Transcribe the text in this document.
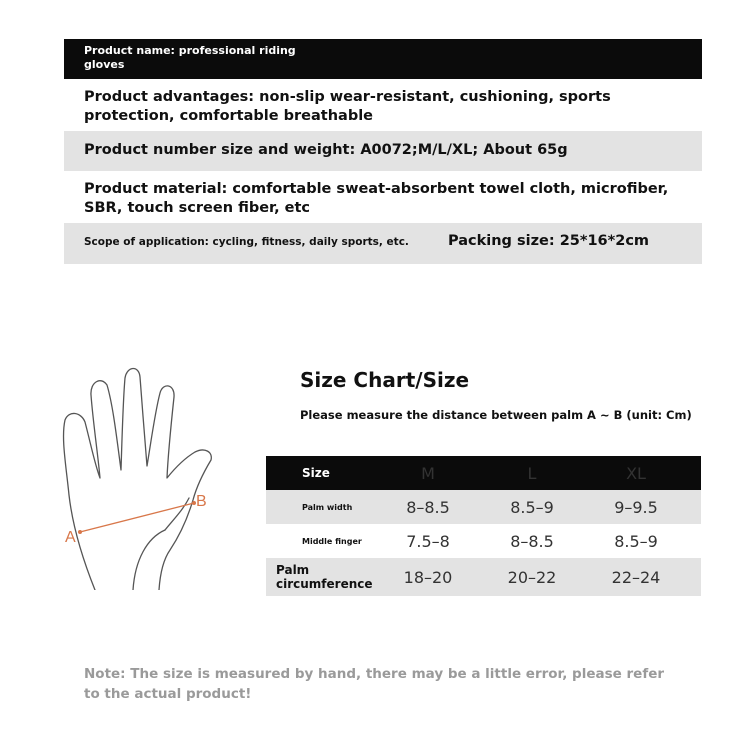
Product name: professional riding gloves
Product advantages: non-slip wear-resistant, cushioning, sports protection, comfortable breathable
Product number size and weight: A0072;M/L/XL; About 65g
Product material: comfortable sweat-absorbent towel cloth, microfiber, SBR, touch screen fiber, etc
Scope of application: cycling, fitness, daily sports, etc.	Packing size: 25*16*2cm
A
B
Size Chart/Size
Please measure the distance between palm A ~ B (unit: Cm)
Size	M	L	XL
Palm width	8–8.5	8.5–9	9–9.5
Middle finger	7.5–8	8–8.5	8.5–9
Palm circumference	18–20	20–22	22–24
Note: The size is measured by hand, there may be a little error, please refer to the actual product!
